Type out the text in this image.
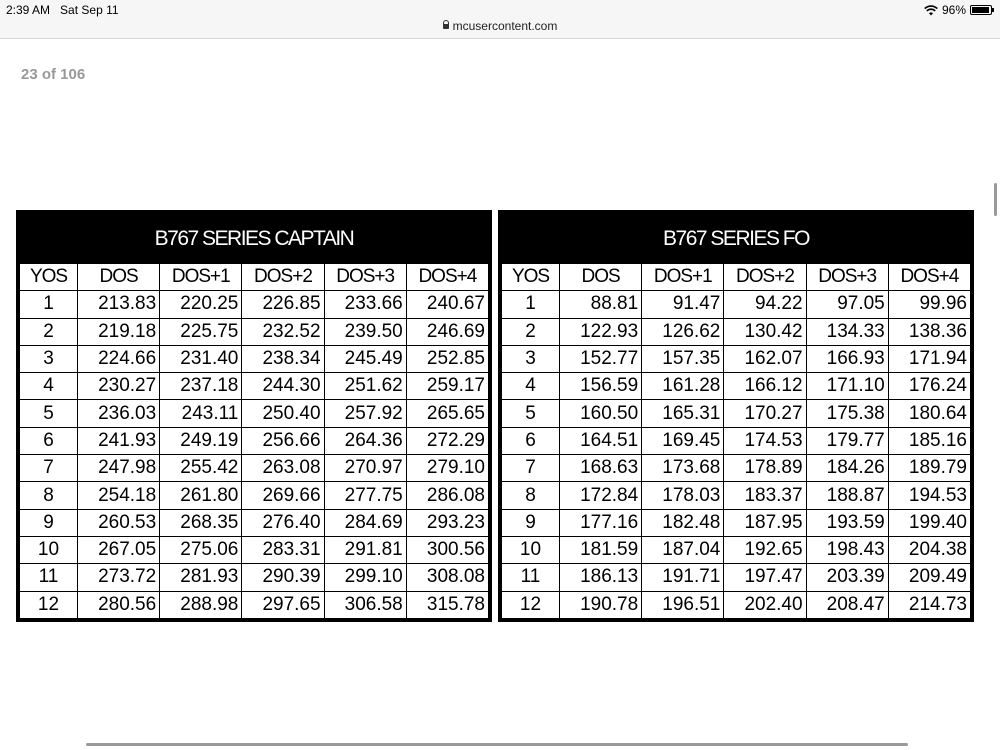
2:39 AM Sat Sep 11	96%
mcusercontent.com
23 of 106
B767 SERIES CAPTAIN
YOS	DOS	DOS+1	DOS+2	DOS+3	DOS+4
1	213.83	220.25	226.85	233.66	240.67
2	219.18	225.75	232.52	239.50	246.69
3	224.66	231.40	238.34	245.49	252.85
4	230.27	237.18	244.30	251.62	259.17
5	236.03	243.11	250.40	257.92	265.65
6	241.93	249.19	256.66	264.36	272.29
7	247.98	255.42	263.08	270.97	279.10
8	254.18	261.80	269.66	277.75	286.08
9	260.53	268.35	276.40	284.69	293.23
10	267.05	275.06	283.31	291.81	300.56
11	273.72	281.93	290.39	299.10	308.08
12	280.56	288.98	297.65	306.58	315.78
B767 SERIES FO
YOS	DOS	DOS+1	DOS+2	DOS+3	DOS+4
1	88.81	91.47	94.22	97.05	99.96
2	122.93	126.62	130.42	134.33	138.36
3	152.77	157.35	162.07	166.93	171.94
4	156.59	161.28	166.12	171.10	176.24
5	160.50	165.31	170.27	175.38	180.64
6	164.51	169.45	174.53	179.77	185.16
7	168.63	173.68	178.89	184.26	189.79
8	172.84	178.03	183.37	188.87	194.53
9	177.16	182.48	187.95	193.59	199.40
10	181.59	187.04	192.65	198.43	204.38
11	186.13	191.71	197.47	203.39	209.49
12	190.78	196.51	202.40	208.47	214.73
